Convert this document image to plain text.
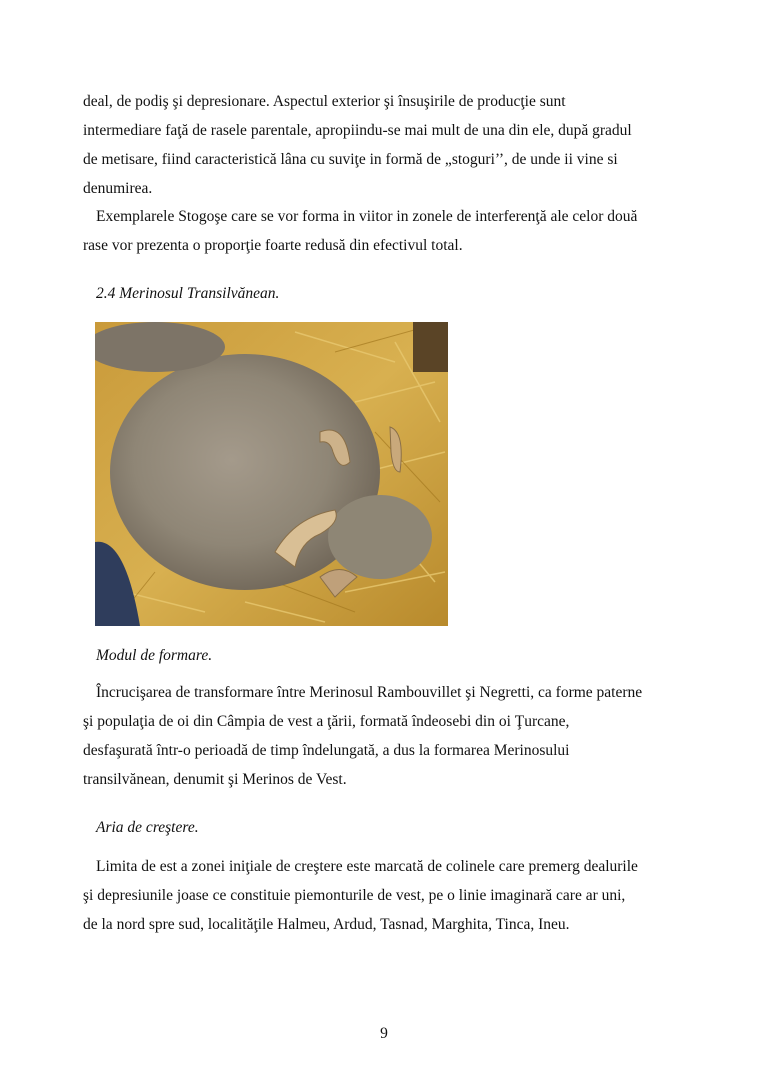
deal, de podiş şi depresionare. Aspectul exterior şi însuşirile de producţie sunt
intermediare faţă de rasele parentale, apropiindu-se mai mult de una din ele, după gradul
de metisare, fiind caracteristică lâna cu suviţe in formă de „stoguri’’, de unde ii vine si
denumirea.
Exemplarele Stogoşe care se vor forma in viitor in zonele de interferenţă ale celor două
rase vor prezenta o proporţie foarte redusă din efectivul total.
2.4 Merinosul Transilvănean.
Modul de formare.
Încrucişarea de transformare între Merinosul Rambouvillet şi Negretti, ca forme paterne
şi populaţia de oi din Câmpia de vest a ţării, formată îndeosebi din oi Ţurcane,
desfaşurată într-o perioadă de timp îndelungată, a dus la formarea Merinosului
transilvănean, denumit şi Merinos de Vest.
Aria de creştere.
Limita de est a zonei iniţiale de creştere este marcată de colinele care premerg dealurile
şi depresiunile joase ce constituie piemonturile de vest, pe o linie imaginară care ar uni,
de la nord spre sud, localităţile Halmeu, Ardud, Tasnad, Marghita, Tinca, Ineu.
9
